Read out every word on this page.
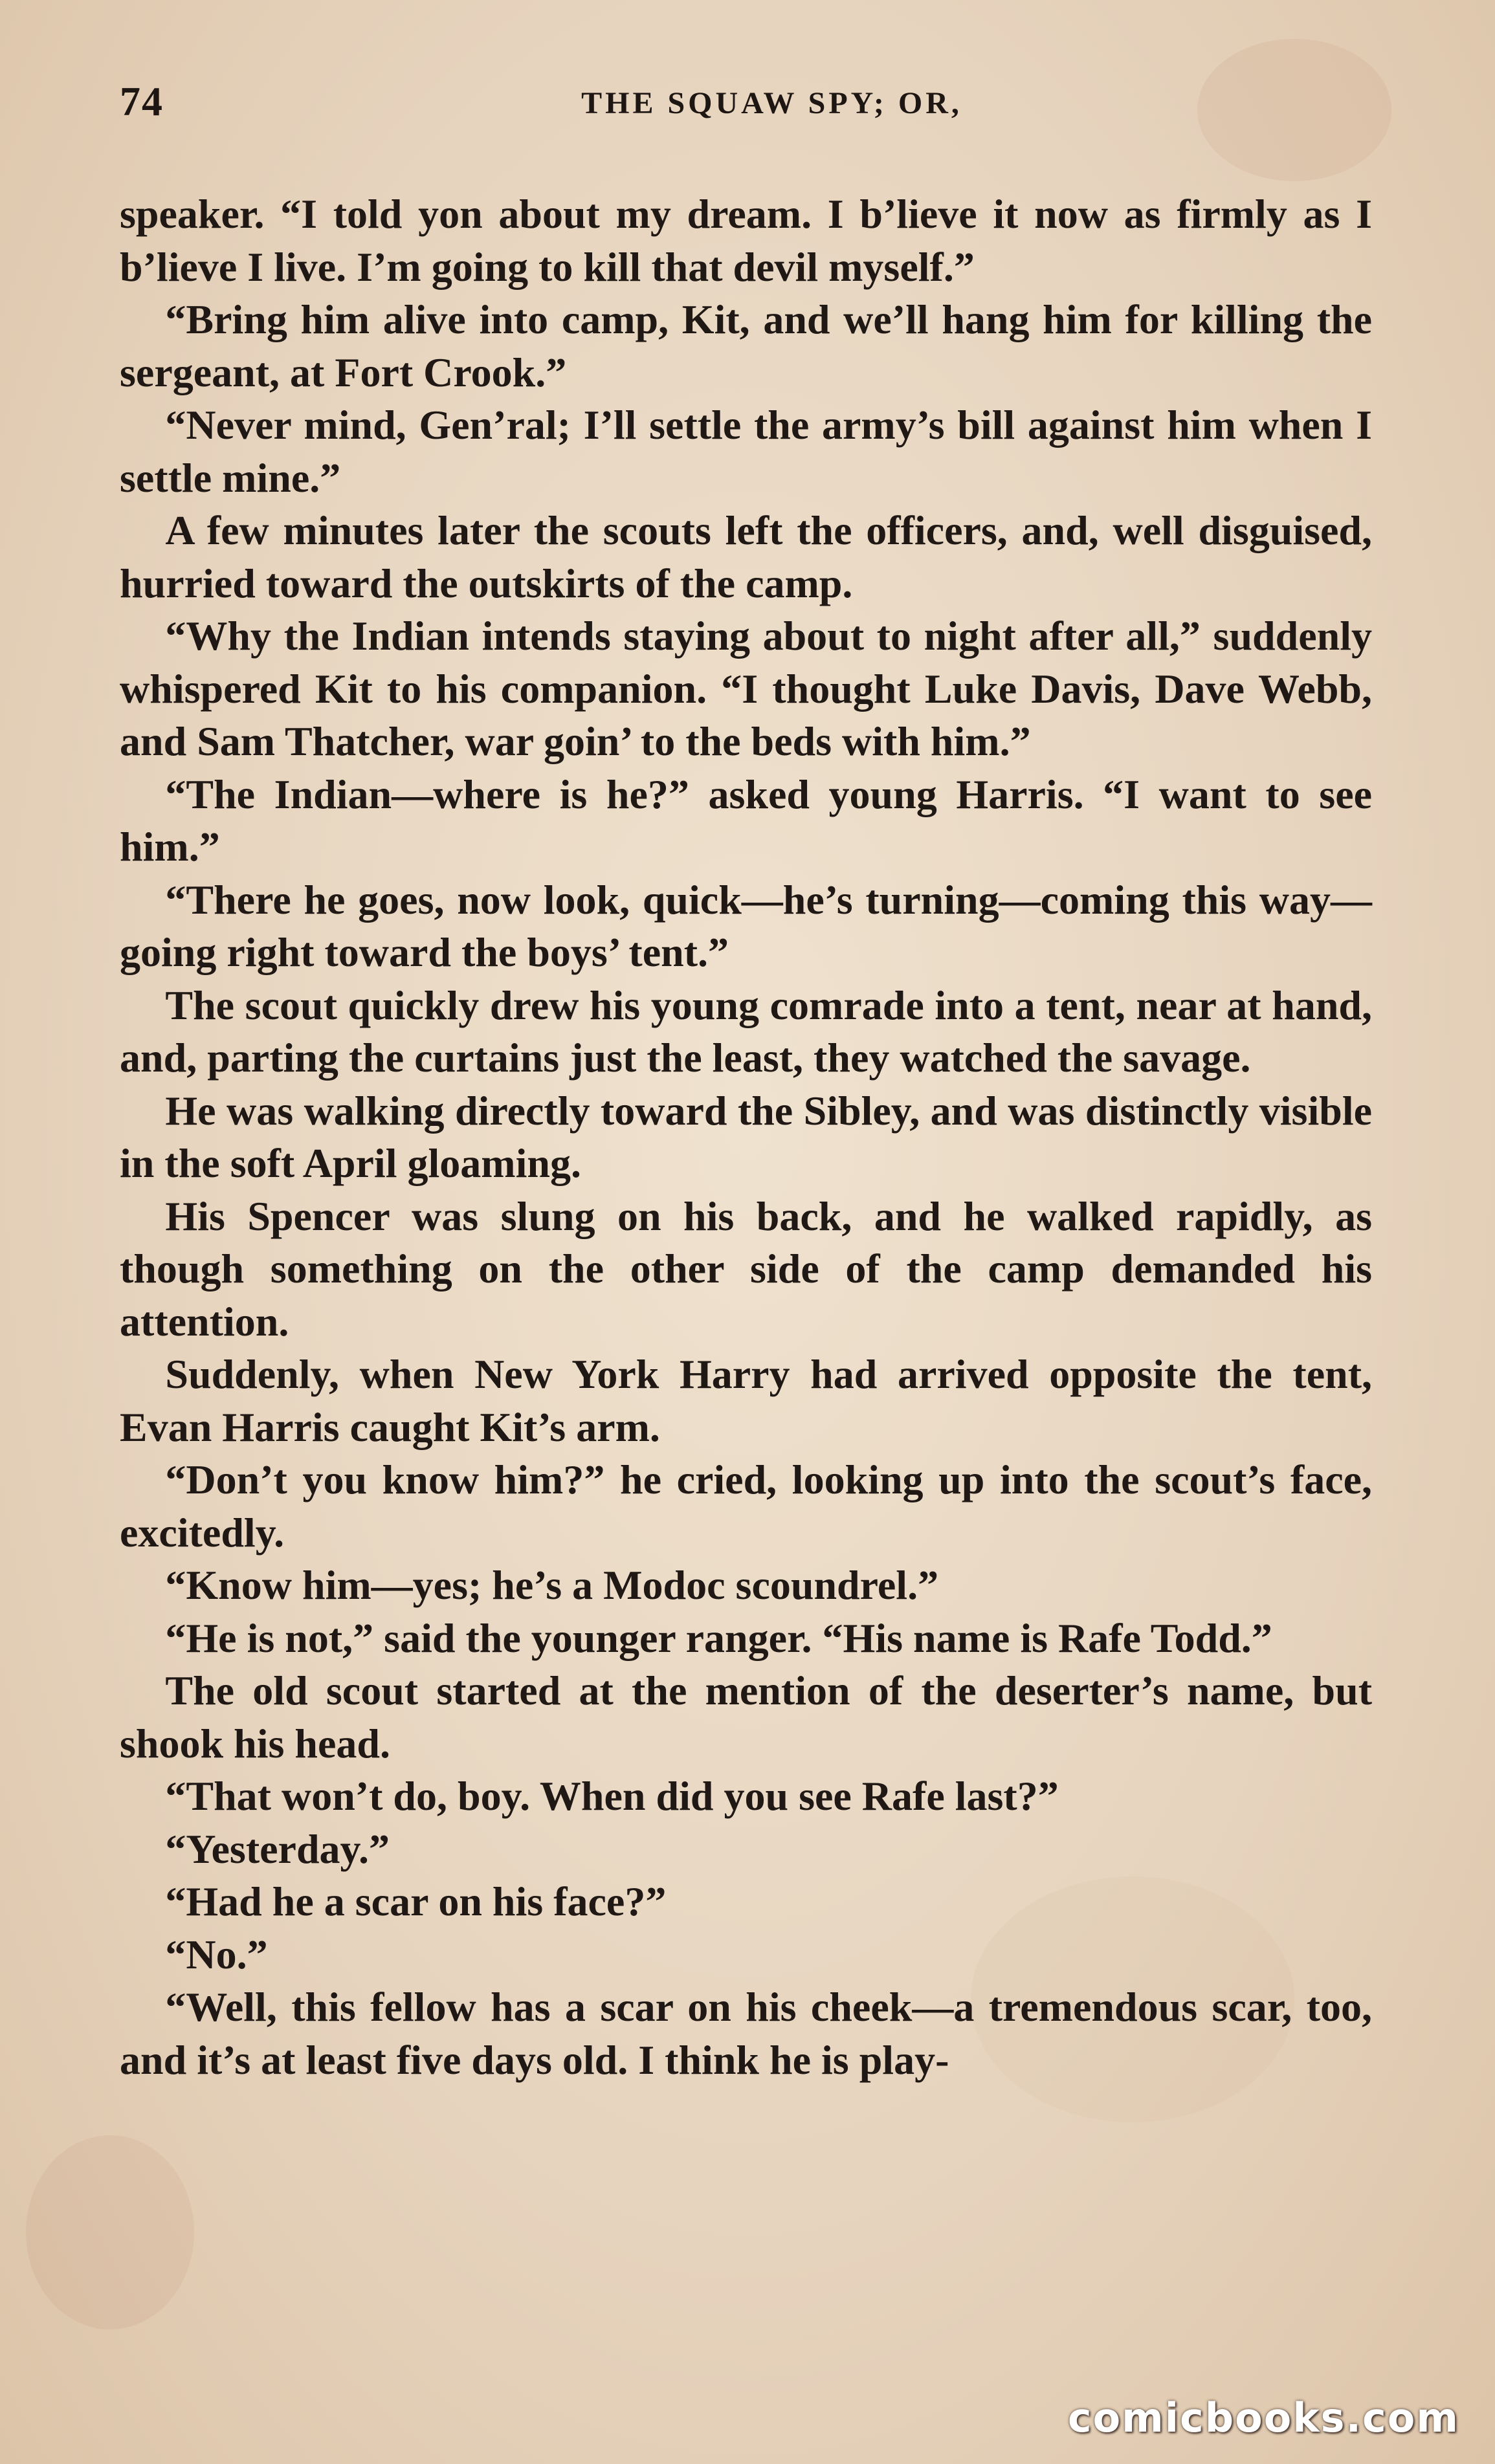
74	THE SQUAW SPY; OR,

speaker. “I told yon about my dream. I b’lieve it now as firmly as I b’lieve I live. I’m going to kill that devil myself.”

“Bring him alive into camp, Kit, and we’ll hang him for killing the sergeant, at Fort Crook.”

“Never mind, Gen’ral; I’ll settle the army’s bill against him when I settle mine.”

A few minutes later the scouts left the officers, and, well disguised, hurried toward the outskirts of the camp.

“Why the Indian intends staying about to night after all,” suddenly whispered Kit to his companion. “I thought Luke Davis, Dave Webb, and Sam Thatcher, war goin’ to the beds with him.”

“The Indian—where is he?” asked young Harris. “I want to see him.”

“There he goes, now look, quick—he’s turning—coming this way—going right toward the boys’ tent.”

The scout quickly drew his young comrade into a tent, near at hand, and, parting the curtains just the least, they watched the savage.

He was walking directly toward the Sibley, and was distinctly visible in the soft April gloaming.

His Spencer was slung on his back, and he walked rapidly, as though something on the other side of the camp demanded his attention.

Suddenly, when New York Harry had arrived opposite the tent, Evan Harris caught Kit’s arm.

“Don’t you know him?” he cried, looking up into the scout’s face, excitedly.

“Know him—yes; he’s a Modoc scoundrel.”

“He is not,” said the younger ranger. “His name is Rafe Todd.”

The old scout started at the mention of the deserter’s name, but shook his head.

“That won’t do, boy. When did you see Rafe last?”

“Yesterday.”

“Had he a scar on his face?”

“No.”

“Well, this fellow has a scar on his cheek—a tremendous scar, too, and it’s at least five days old. I think he is play-

comicbooks.com
